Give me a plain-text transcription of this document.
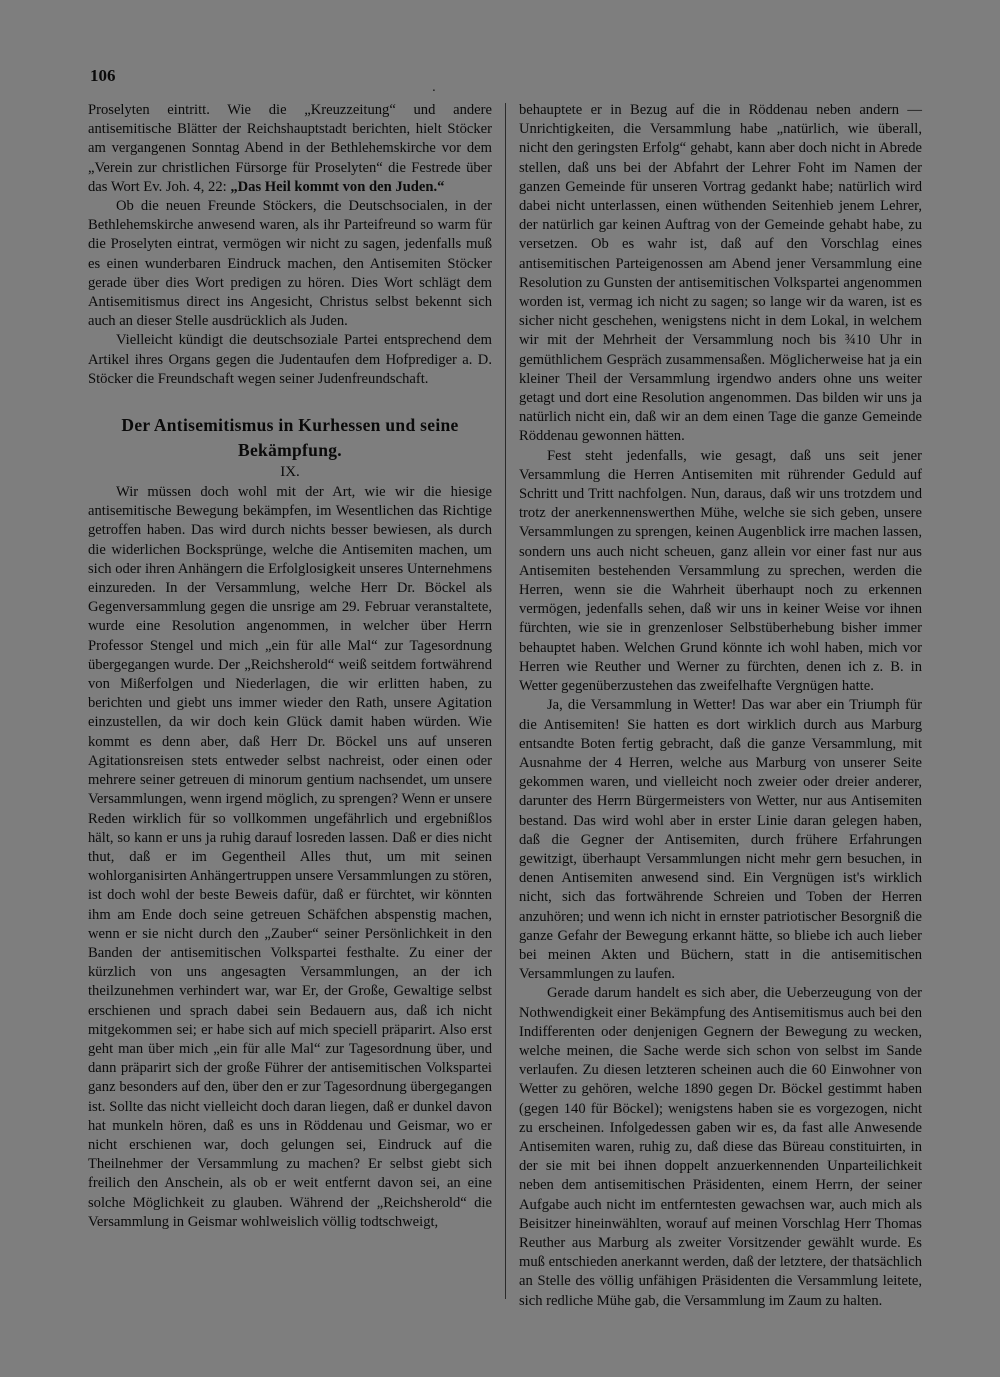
106
.

Proselyten eintritt. Wie die „Kreuzzeitung“ und andere antisemitische Blätter der Reichshauptstadt berichten, hielt Stöcker am vergangenen Sonntag Abend in der Bethlehemskirche vor dem „Verein zur christlichen Fürsorge für Proselyten“ die Festrede über das Wort Ev. Joh. 4, 22: „Das Heil kommt von den Juden.“

Ob die neuen Freunde Stöckers, die Deutschsocialen, in der Bethlehemskirche anwesend waren, als ihr Parteifreund so warm für die Proselyten eintrat, vermögen wir nicht zu sagen, jedenfalls muß es einen wunderbaren Eindruck machen, den Antisemiten Stöcker gerade über dies Wort predigen zu hören. Dies Wort schlägt dem Antisemitismus direct ins Angesicht, Christus selbst bekennt sich auch an dieser Stelle ausdrücklich als Juden.

Vielleicht kündigt die deutschsoziale Partei entsprechend dem Artikel ihres Organs gegen die Judentaufen dem Hofprediger a. D. Stöcker die Freundschaft wegen seiner Judenfreundschaft.

Der Antisemitismus in Kurhessen und seine Bekämpfung.
IX.

Wir müssen doch wohl mit der Art, wie wir die hiesige antisemitische Bewegung bekämpfen, im Wesentlichen das Richtige getroffen haben. Das wird durch nichts besser bewiesen, als durch die widerlichen Bocksprünge, welche die Antisemiten machen, um sich oder ihren Anhängern die Erfolglosigkeit unseres Unternehmens einzureden. In der Versammlung, welche Herr Dr. Böckel als Gegenversammlung gegen die unsrige am 29. Februar veranstaltete, wurde eine Resolution angenommen, in welcher über Herrn Professor Stengel und mich „ein für alle Mal“ zur Tagesordnung übergegangen wurde. Der „Reichsherold“ weiß seitdem fortwährend von Mißerfolgen und Niederlagen, die wir erlitten haben, zu berichten und giebt uns immer wieder den Rath, unsere Agitation einzustellen, da wir doch kein Glück damit haben würden. Wie kommt es denn aber, daß Herr Dr. Böckel uns auf unseren Agitationsreisen stets entweder selbst nachreist, oder einen oder mehrere seiner getreuen di minorum gentium nachsendet, um unsere Versammlungen, wenn irgend möglich, zu sprengen? Wenn er unsere Reden wirklich für so vollkommen ungefährlich und ergebnißlos hält, so kann er uns ja ruhig darauf losreden lassen. Daß er dies nicht thut, daß er im Gegentheil Alles thut, um mit seinen wohlorganisirten Anhängertruppen unsere Versammlungen zu stören, ist doch wohl der beste Beweis dafür, daß er fürchtet, wir könnten ihm am Ende doch seine getreuen Schäfchen abspenstig machen, wenn er sie nicht durch den „Zauber“ seiner Persönlichkeit in den Banden der antisemitischen Volkspartei festhalte. Zu einer der kürzlich von uns angesagten Versammlungen, an der ich theilzunehmen verhindert war, war Er, der Große, Gewaltige selbst erschienen und sprach dabei sein Bedauern aus, daß ich nicht mitgekommen sei; er habe sich auf mich speciell präparirt. Also erst geht man über mich „ein für alle Mal“ zur Tagesordnung über, und dann präparirt sich der große Führer der antisemitischen Volkspartei ganz besonders auf den, über den er zur Tagesordnung übergegangen ist. Sollte das nicht vielleicht doch daran liegen, daß er dunkel davon hat munkeln hören, daß es uns in Röddenau und Geismar, wo er nicht erschienen war, doch gelungen sei, Eindruck auf die Theilnehmer der Versammlung zu machen? Er selbst giebt sich freilich den Anschein, als ob er weit entfernt davon sei, an eine solche Möglichkeit zu glauben. Während der „Reichsherold“ die Versammlung in Geismar wohlweislich völlig todtschweigt,

behauptete er in Bezug auf die in Röddenau neben andern — Unrichtigkeiten, die Versammlung habe „natürlich, wie überall, nicht den geringsten Erfolg“ gehabt, kann aber doch nicht in Abrede stellen, daß uns bei der Abfahrt der Lehrer Foht im Namen der ganzen Gemeinde für unseren Vortrag gedankt habe; natürlich wird dabei nicht unterlassen, einen wüthenden Seitenhieb jenem Lehrer, der natürlich gar keinen Auftrag von der Gemeinde gehabt habe, zu versetzen. Ob es wahr ist, daß auf den Vorschlag eines antisemitischen Parteigenossen am Abend jener Versammlung eine Resolution zu Gunsten der antisemitischen Volkspartei angenommen worden ist, vermag ich nicht zu sagen; so lange wir da waren, ist es sicher nicht geschehen, wenigstens nicht in dem Lokal, in welchem wir mit der Mehrheit der Versammlung noch bis ¾10 Uhr in gemüthlichem Gespräch zusammensaßen. Möglicherweise hat ja ein kleiner Theil der Versammlung irgendwo anders ohne uns weiter getagt und dort eine Resolution angenommen. Das bilden wir uns ja natürlich nicht ein, daß wir an dem einen Tage die ganze Gemeinde Röddenau gewonnen hätten.

Fest steht jedenfalls, wie gesagt, daß uns seit jener Versammlung die Herren Antisemiten mit rührender Geduld auf Schritt und Tritt nachfolgen. Nun, daraus, daß wir uns trotzdem und trotz der anerkennenswerthen Mühe, welche sie sich geben, unsere Versammlungen zu sprengen, keinen Augenblick irre machen lassen, sondern uns auch nicht scheuen, ganz allein vor einer fast nur aus Antisemiten bestehenden Versammlung zu sprechen, werden die Herren, wenn sie die Wahrheit überhaupt noch zu erkennen vermögen, jedenfalls sehen, daß wir uns in keiner Weise vor ihnen fürchten, wie sie in grenzenloser Selbstüberhebung bisher immer behauptet haben. Welchen Grund könnte ich wohl haben, mich vor Herren wie Reuther und Werner zu fürchten, denen ich z. B. in Wetter gegenüberzustehen das zweifelhafte Vergnügen hatte.

Ja, die Versammlung in Wetter! Das war aber ein Triumph für die Antisemiten! Sie hatten es dort wirklich durch aus Marburg entsandte Boten fertig gebracht, daß die ganze Versammlung, mit Ausnahme der 4 Herren, welche aus Marburg von unserer Seite gekommen waren, und vielleicht noch zweier oder dreier anderer, darunter des Herrn Bürgermeisters von Wetter, nur aus Antisemiten bestand. Das wird wohl aber in erster Linie daran gelegen haben, daß die Gegner der Antisemiten, durch frühere Erfahrungen gewitzigt, überhaupt Versammlungen nicht mehr gern besuchen, in denen Antisemiten anwesend sind. Ein Vergnügen ist's wirklich nicht, sich das fortwährende Schreien und Toben der Herren anzuhören; und wenn ich nicht in ernster patriotischer Besorgniß die ganze Gefahr der Bewegung erkannt hätte, so bliebe ich auch lieber bei meinen Akten und Büchern, statt in die antisemitischen Versammlungen zu laufen.

Gerade darum handelt es sich aber, die Ueberzeugung von der Nothwendigkeit einer Bekämpfung des Antisemitismus auch bei den Indifferenten oder denjenigen Gegnern der Bewegung zu wecken, welche meinen, die Sache werde sich schon von selbst im Sande verlaufen. Zu diesen letzteren scheinen auch die 60 Einwohner von Wetter zu gehören, welche 1890 gegen Dr. Böckel gestimmt haben (gegen 140 für Böckel); wenigstens haben sie es vorgezogen, nicht zu erscheinen. Infolgedessen gaben wir es, da fast alle Anwesende Antisemiten waren, ruhig zu, daß diese das Büreau constituirten, in der sie mit bei ihnen doppelt anzuerkennenden Unparteilichkeit neben dem antisemitischen Präsidenten, einem Herrn, der seiner Aufgabe auch nicht im entferntesten gewachsen war, auch mich als Beisitzer hineinwählten, worauf auf meinen Vorschlag Herr Thomas Reuther aus Marburg als zweiter Vorsitzender gewählt wurde. Es muß entschieden anerkannt werden, daß der letztere, der thatsächlich an Stelle des völlig unfähigen Präsidenten die Versammlung leitete, sich redliche Mühe gab, die Versammlung im Zaum zu halten.
